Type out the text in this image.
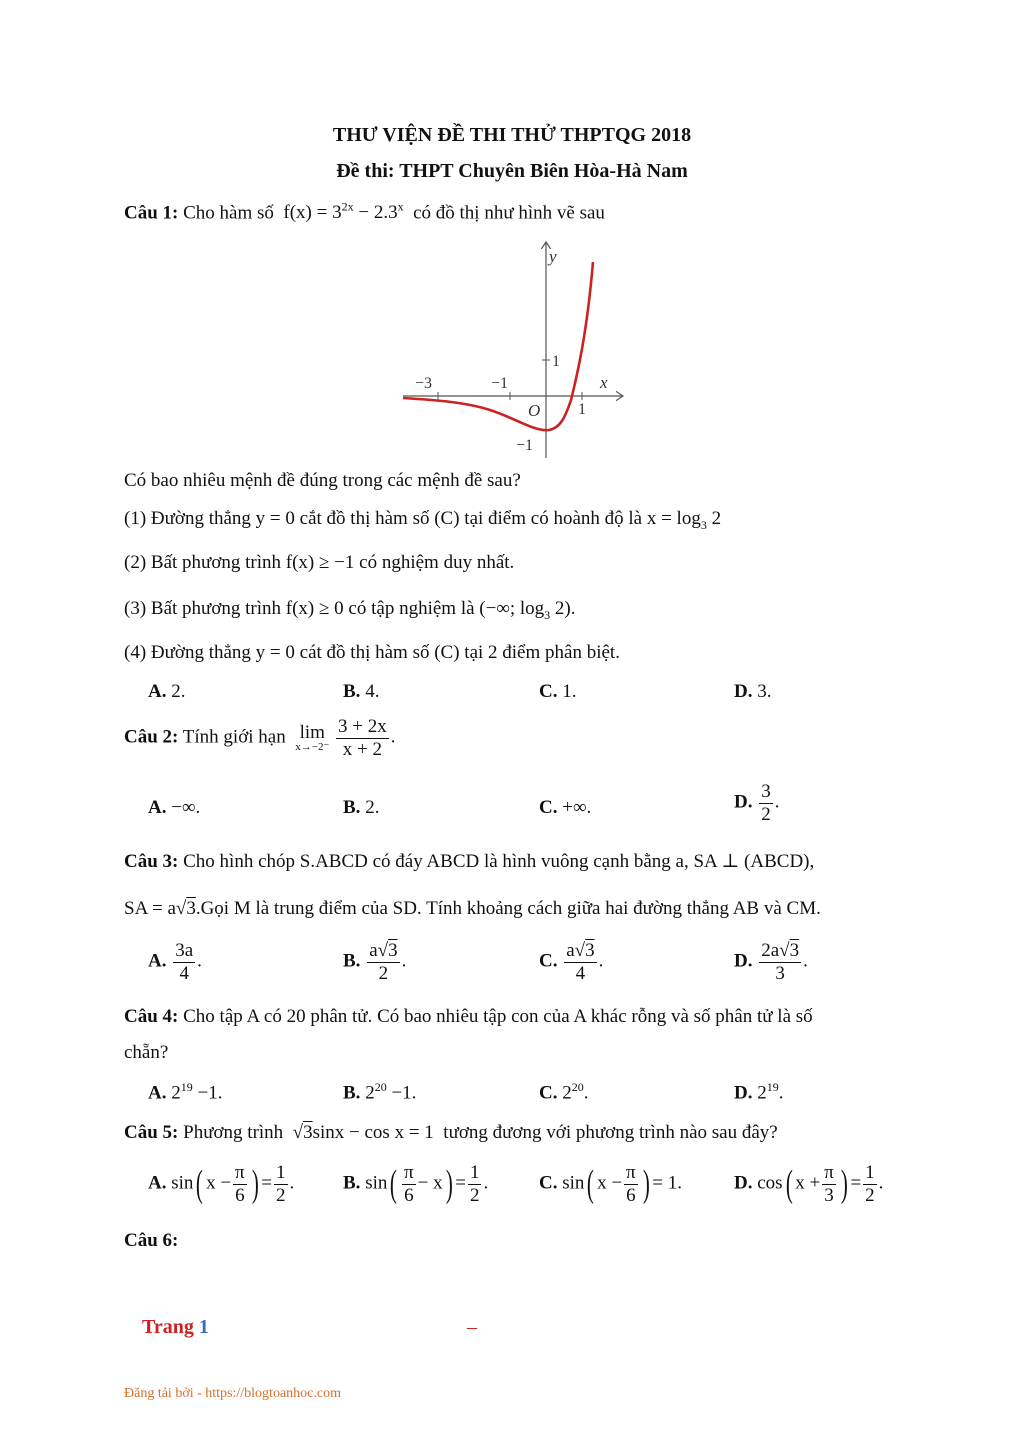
THƯ VIỆN ĐỀ THI THỬ THPTQG 2018
Đề thi: THPT Chuyên Biên Hòa-Hà Nam
Câu 1: Cho hàm số $f(x) = 3^{2x} - 2.3^x$ có đồ thị như hình vẽ sau
y
x
1
−3	−1
O 1
−1
Có bao nhiêu mệnh đề đúng trong các mệnh đề sau?
(1) Đường thẳng y = 0 cắt đồ thị hàm số (C) tại điểm có hoành độ là $x = \log_3 2$
(2) Bất phương trình f(x) ≥ −1 có nghiệm duy nhất.
(3) Bất phương trình f(x) ≥ 0 có tập nghiệm là (−∞; $\log_3 2$).
(4) Đường thẳng y = 0 cát đồ thị hàm số (C) tại 2 điểm phân biệt.
A. 2.	B. 4.	C. 1.	D. 3.
Câu 2: Tính giới hạn lim
x→−2⁻
$\frac{3 + 2x}{x + 2}$ .
A. −∞.	B. 2.	C. +∞.	D. $\frac{3}{2}$ .
Câu 3: Cho hình chóp S.ABCD có đáy ABCD là hình vuông cạnh bằng a, SA ⊥ (ABCD),
SA = a√3.Gọi M là trung điểm của SD. Tính khoảng cách giữa hai đường thẳng AB và CM.
A. $\frac{3a}{4}$ .	B. $\frac{a√3}{2}$ .	C. $\frac{a√3}{4}$ .	D. $\frac{2a√3}{3}$ .
Câu 4: Cho tập A có 20 phân tử. Có bao nhiêu tập con của A khác rỗng và số phân tử là số
chẵn?
A. $2^{19} -1$.	B. $2^{20} -1$.	C. $2^{20}$.	D. $2^{19}$.
Câu 5: Phương trình  √3sinx − cos x = 1 tương đương với phương trình nào sau đây?
A. sin( $x - \frac{\pi}{6}$ ) = $\frac{1}{2}$ .	B. $\sin( \frac{\pi}{6} - x) = \frac{1}{2}$ .	C. sin( $x - \frac{\pi}{6}$ ) = 1.	D. cos( $x + \frac{\pi}{3}$ ) = $\frac{1}{2}$ .
Câu 6:
Trang 1	–
Đăng tải bởi - https://blogtoanhoc.com
